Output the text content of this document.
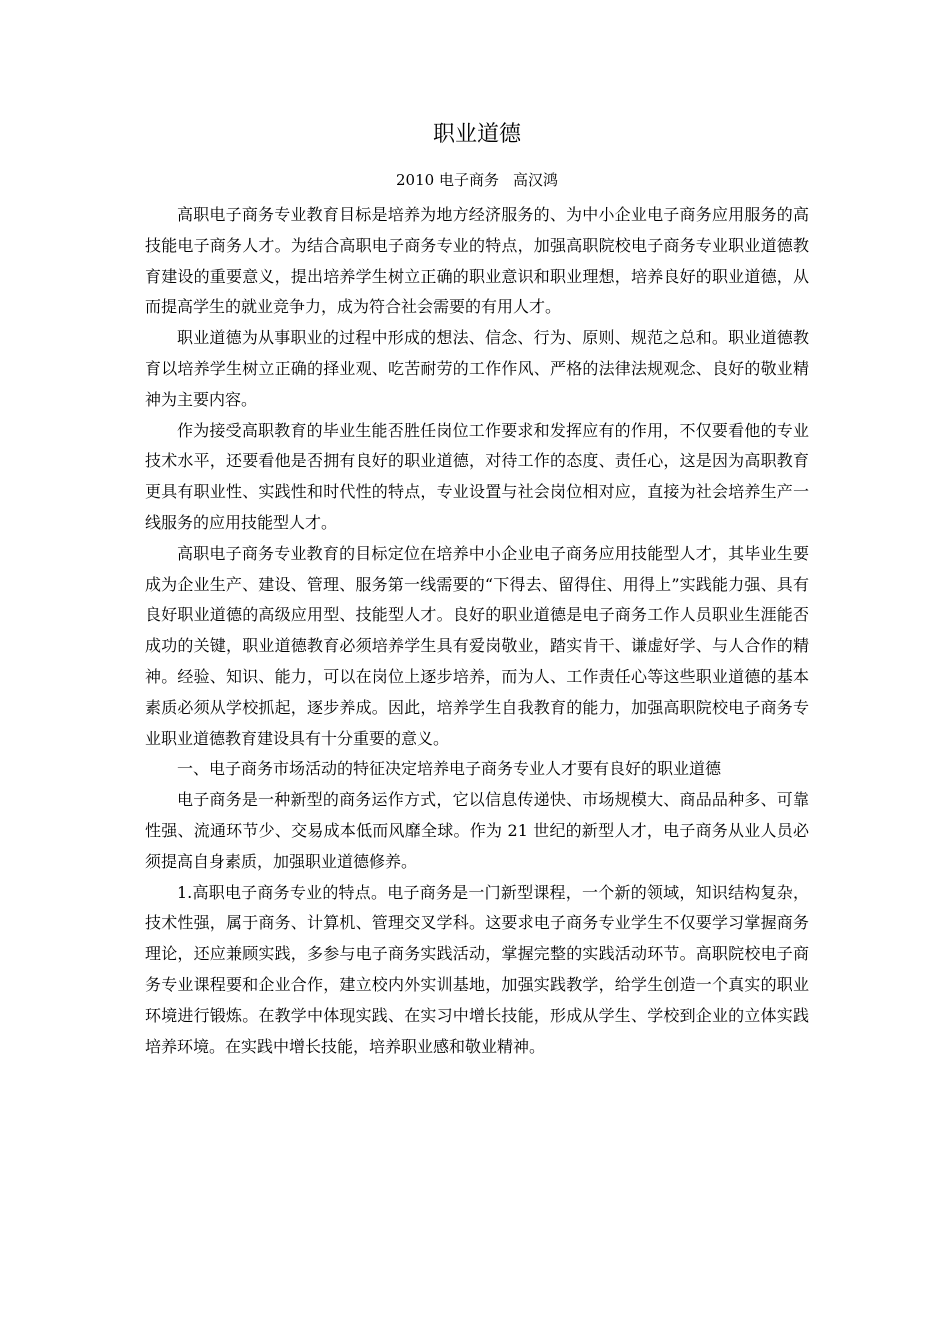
职业道德
2010 电子商务 高汉鸿

高职电子商务专业教育目标是培养为地方经济服务的、为中小企业电子商务应用服务的高技能电子商务人才。为结合高职电子商务专业的特点，加强高职院校电子商务专业职业道德教育建设的重要意义，提出培养学生树立正确的职业意识和职业理想，培养良好的职业道德，从而提高学生的就业竞争力，成为符合社会需要的有用人才。

职业道德为从事职业的过程中形成的想法、信念、行为、原则、规范之总和。职业道德教育以培养学生树立正确的择业观、吃苦耐劳的工作作风、严格的法律法规观念、良好的敬业精神为主要内容。

作为接受高职教育的毕业生能否胜任岗位工作要求和发挥应有的作用，不仅要看他的专业技术水平，还要看他是否拥有良好的职业道德，对待工作的态度、责任心，这是因为高职教育更具有职业性、实践性和时代性的特点，专业设置与社会岗位相对应，直接为社会培养生产一线服务的应用技能型人才。

高职电子商务专业教育的目标定位在培养中小企业电子商务应用技能型人才，其毕业生要成为企业生产、建设、管理、服务第一线需要的“下得去、留得住、用得上”实践能力强、具有良好职业道德的高级应用型、技能型人才。良好的职业道德是电子商务工作人员职业生涯能否成功的关键，职业道德教育必须培养学生具有爱岗敬业，踏实肯干、谦虚好学、与人合作的精神。经验、知识、能力，可以在岗位上逐步培养，而为人、工作责任心等这些职业道德的基本素质必须从学校抓起，逐步养成。因此，培养学生自我教育的能力，加强高职院校电子商务专业职业道德教育建设具有十分重要的意义。

一、电子商务市场活动的特征决定培养电子商务专业人才要有良好的职业道德

电子商务是一种新型的商务运作方式，它以信息传递快、市场规模大、商品品种多、可靠性强、流通环节少、交易成本低而风靡全球。作为 21 世纪的新型人才，电子商务从业人员必须提高自身素质，加强职业道德修养。

1.高职电子商务专业的特点。电子商务是一门新型课程，一个新的领域，知识结构复杂，技术性强，属于商务、计算机、管理交叉学科。这要求电子商务专业学生不仅要学习掌握商务理论，还应兼顾实践，多参与电子商务实践活动，掌握完整的实践活动环节。高职院校电子商务专业课程要和企业合作，建立校内外实训基地，加强实践教学，给学生创造一个真实的职业环境进行锻炼。在教学中体现实践、在实习中增长技能，形成从学生、学校到企业的立体实践培养环境。在实践中增长技能，培养职业感和敬业精神。
